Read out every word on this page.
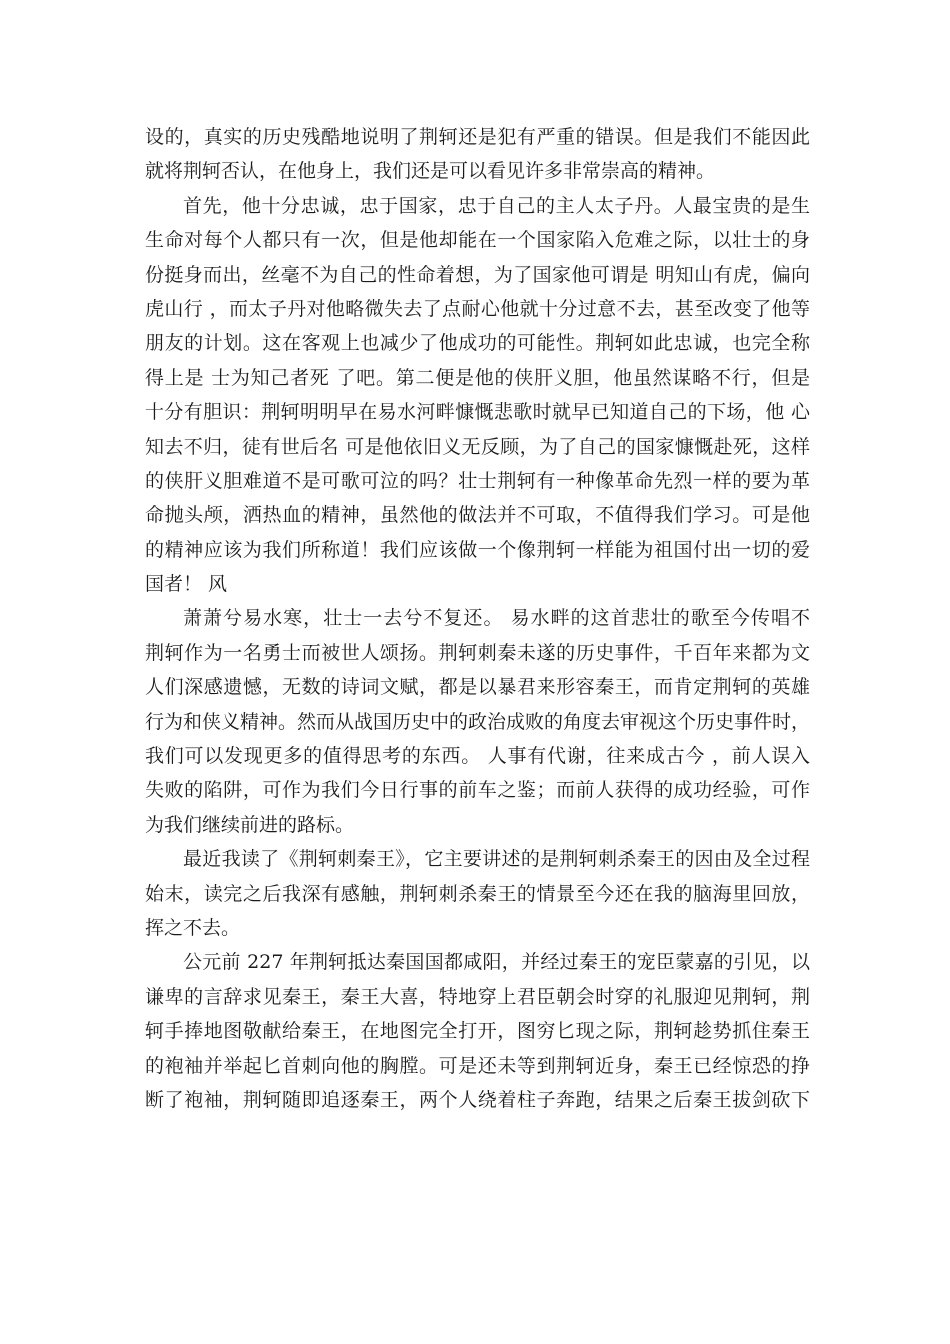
设的，真实的历史残酷地说明了荆轲还是犯有严重的错误。但是我们不能因此
就将荆轲否认，在他身上，我们还是可以看见许多非常崇高的精神。
首先，他十分忠诚，忠于国家，忠于自己的主人太子丹。人最宝贵的是生
生命对每个人都只有一次，但是他却能在一个国家陷入危难之际，以壮士的身
份挺身而出，丝毫不为自己的性命着想，为了国家他可谓是 明知山有虎，偏向
虎山行 ，而太子丹对他略微失去了点耐心他就十分过意不去，甚至改变了他等
朋友的计划。这在客观上也减少了他成功的可能性。荆轲如此忠诚，也完全称
得上是 士为知己者死 了吧。第二便是他的侠肝义胆，他虽然谋略不行，但是
十分有胆识：荆轲明明早在易水河畔慷慨悲歌时就早已知道自己的下场，他 心
知去不归，徒有世后名 可是他依旧义无反顾，为了自己的国家慷慨赴死，这样
的侠肝义胆难道不是可歌可泣的吗？壮士荆轲有一种像革命先烈一样的要为革
命抛头颅，洒热血的精神，虽然他的做法并不可取，不值得我们学习。可是他
的精神应该为我们所称道！我们应该做一个像荆轲一样能为祖国付出一切的爱
国者！ 风
萧萧兮易水寒，壮士一去兮不复还。 易水畔的这首悲壮的歌至今传唱不
荆轲作为一名勇士而被世人颂扬。荆轲刺秦未遂的历史事件，千百年来都为文
人们深感遗憾，无数的诗词文赋，都是以暴君来形容秦王，而肯定荆轲的英雄
行为和侠义精神。然而从战国历史中的政治成败的角度去审视这个历史事件时，
我们可以发现更多的值得思考的东西。 人事有代谢，往来成古今 ，前人误入
失败的陷阱，可作为我们今日行事的前车之鉴；而前人获得的成功经验，可作
为我们继续前进的路标。
最近我读了《荆轲刺秦王》，它主要讲述的是荆轲刺杀秦王的因由及全过程
始末，读完之后我深有感触，荆轲刺杀秦王的情景至今还在我的脑海里回放，
挥之不去。
公元前 227 年荆轲抵达秦国国都咸阳，并经过秦王的宠臣蒙嘉的引见，以
谦卑的言辞求见秦王，秦王大喜，特地穿上君臣朝会时穿的礼服迎见荆轲，荆
轲手捧地图敬献给秦王，在地图完全打开，图穷匕现之际，荆轲趁势抓住秦王
的袍袖并举起匕首刺向他的胸膛。可是还未等到荆轲近身，秦王已经惊恐的挣
断了袍袖，荆轲随即追逐秦王，两个人绕着柱子奔跑，结果之后秦王拔剑砍下
